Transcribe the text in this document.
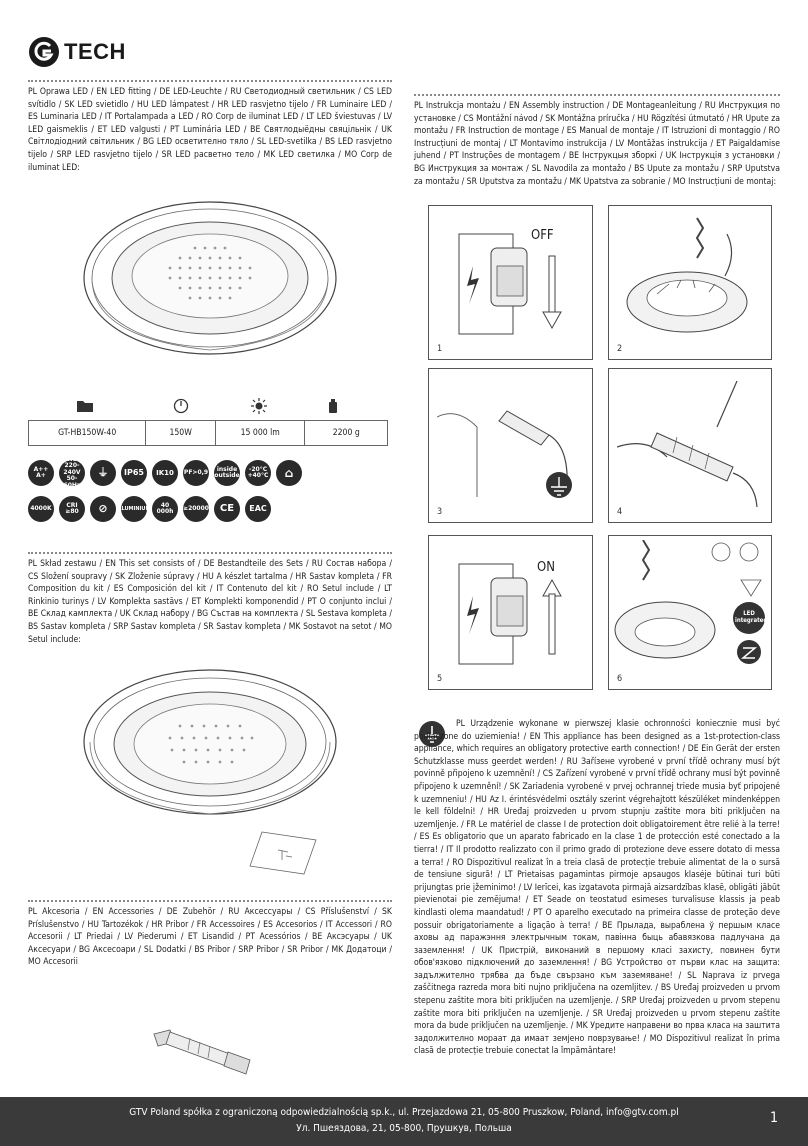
TECH
PL Oprawa LED / EN LED fitting / DE LED-Leuchte / RU Светодиодный светильник / CS LED svítidlo / SK LED svietidlo / HU LED lámpatest / HR LED rasvjetno tijelo / FR Luminaire LED / ES Luminaria LED / IT Portalampada a LED / RO Corp de iluminat LED / LT LED šviestuvas / LV LED gaismeklis / ET LED valgusti / PT Luminária LED / BE Святлодыёдны свяцільнік / UK Світлодіодний світильник / BG LED осветително тяло / SL LED-svetilka / BS LED rasvjetno tijelo / SRP LED rasvjetno tijelo / SR LED расветно тело / MK LED светилка / MO Corp de iluminat LED:
GT-HB150W-40	150W	15 000 lm	2200 g
A++ A+
AC 220-240V 50-60Hz
⏚	IP65	IK10	PF>0,9	inside outside
-20°C +40°C	⌂
4000K	CRI ≥80	⊘	ALUMINIUM
40 000h	≥20000	CE	EAC
PL Skład zestawu / EN This set consists of / DE Bestandteile des Sets / RU Состав набора / CS Složení soupravy / SK Zloženie súpravy / HU A készlet tartalma / HR Sastav kompleta / FR Composition du kit / ES Composición del kit / IT Contenuto del kit / RO Setul include / LT Rinkinio turinys / LV Komplekta sastāvs / ET Komplekti komponendid / PT O conjunto inclui / BE Склад камплекта / UK Склад набору / BG Състав на комплекта / SL Sestava kompleta / BS Sastav kompleta / SRP Sastav kompleta / SR Sastav kompleta / MK Sostavot na setot / MO Setul include:
PL Akcesoria / EN Accessories / DE Zubehör / RU Аксессуары / CS Příslušenství / SK Príslušenstvo / HU Tartozékok / HR Pribor / FR Accessoires / ES Accesorios / IT Accessori / RO Accesorii / LT Priedai / LV Piederumi / ET Lisandid / PT Acessórios / BE Аксэсуары / UK Аксесуари / BG Аксесоари / SL Dodatki / BS Pribor / SRP Pribor / SR Pribor / MK Додатоци / MO Accesorii
PL Instrukcja montażu / EN Assembly instruction / DE Montageanleitung / RU Инструкция по установке / CS Montážní návod / SK Montážna príručka / HU Rögzítési útmutató / HR Upute za montažu / FR Instruction de montage / ES Manual de montaje / IT Istruzioni di montaggio / RO Instrucțiuni de montaj / LT Montavimo instrukcija / LV Montāžas instrukcija / ET Paigaldamise juhend / PT Instruções de montagem / BE Інструкцыя зборкі / UK Інструкція з установки / BG Инструкция за монтаж / SL Navodila za montažo / BS Upute za montažu / SRP Uputstva za montažu / SR Uputstva za montažu / MK Upatstva za sobranie / MO Instrucțiuni de montaj:
OFF
1	2
3	4
ON
5
LED integrated
6
PL Urządzenie wykonane w pierwszej klasie ochronności koniecznie musi być podłączone do uziemienia! / EN This appliance has been designed as a 1st-protection-class appliance, which requires an obligatory protective earth connection! / DE Ein Gerät der ersten Schutzklasse muss geerdet werden! / RU Зaříзeнe vyrobené v první třídě ochrany musí být povinně připojeno k uzemnění! / CS Zařízení vyrobené v první třídě ochrany musí být povinně připojeno k uzemnění! / SK Zariadenia vyrobené v prvej ochrannej triede musia byť pripojené k uzemneniu! / HU Az I. érintésvédelmi osztály szerint végrehajtott készüléket mindenképpen le kell földelni! / HR Uređaj proizveden u prvom stupnju zaštite mora biti priključen na uzemljenje. / FR Le matériel de classe I de protection doit obligatoirement être relié à la terre! / ES Es obligatorio que un aparato fabricado en la clase 1 de protección esté conectado a la tierra! / IT Il prodotto realizzato con il primo grado di protezione deve essere dotato di messa a terra! / RO Dispozitivul realizat în a treia clasă de protecție trebuie alimentat de la o sursă de tensiune sigură! / LT Prietaisas pagamintas pirmoje apsaugos klasėje būtinai turi būti prijungtas prie įžeminimo! / LV Ierīcei, kas izgatavota pirmajā aizsardzības klasē, obligāti jābūt pievienotai pie zemējuma! / ET Seade on teostatud esimeses turvalisuse klassis ja peab kindlasti olema maandatud! / PT O aparelho executado na primeira classe de proteção deve possuir obrigatoriamente a ligação à terra! / BE Прылада, выраблена ў першым класе аховы ад паражэння электрычным токам, павінна быць абавязкова падлучана да заземлення! / UK Пристрій, виконаний в першому класі захисту, повинен бути обов'язково підключений до заземлення! / BG Устройство от първи клас на защита: задължително трябва да бъде свързано към заземяване! / SL Naprava iz prvega zaščitnega razreda mora biti nujno priključena na ozemljitev. / BS Uređaj proizveden u prvom stepenu zaštite mora biti priključen na uzemljenje. / SRP Uređaj proizveden u prvom stepenu zaštite mora biti priključen na uzemljenje. / SR Uređaj proizveden u prvom stepenu zaštite mora da bude priključen na uzemljenje. / MK Уредите направени во прва класа на заштита задолжително мораат да имаат земјено поврзување! / MO Dispozitivul realizat în prima clasă de protecție trebuie conectat la împământare!
GTV Poland spółka z ograniczoną odpowiedzialnością sp.k., ul. Przejazdowa 21, 05-800 Pruszkow, Poland, info@gtv.com.pl
Ул. Пшеяздова, 21, 05-800, Прушкув, Польша
1
